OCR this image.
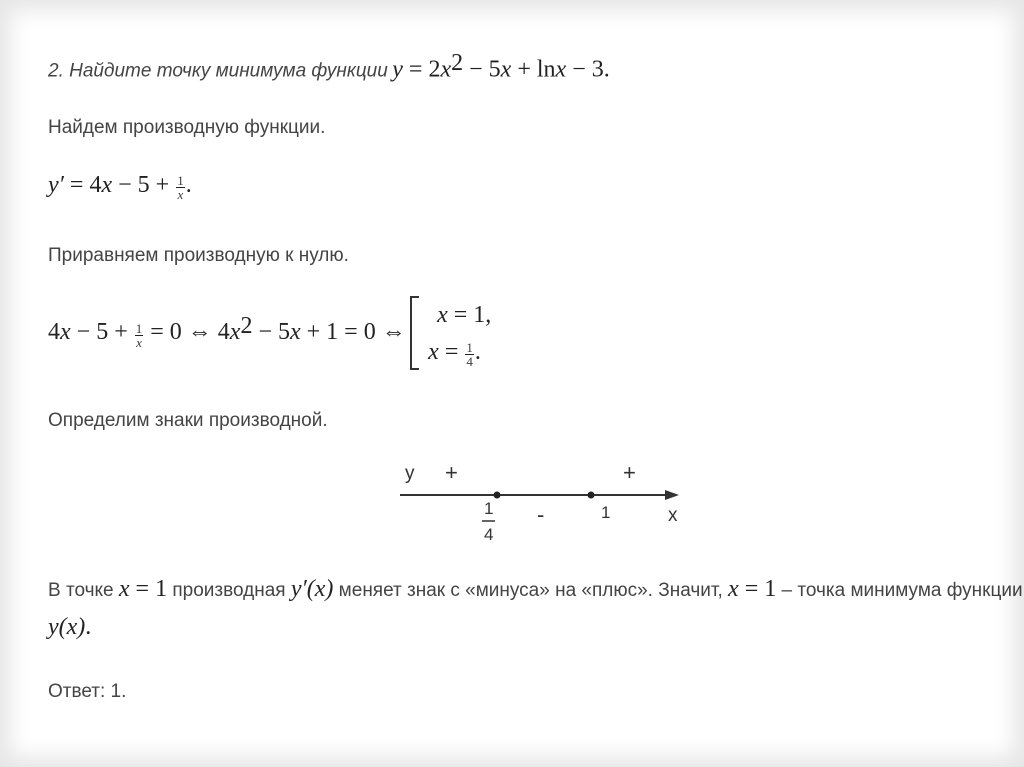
2. Найдите точку минимума функции $y = 2x^2 - 5x + \ln x - 3$.
Найдем производную функции.
$y' = 4x - 5 + \frac{1}{x}$ .
Приравняем производную к нулю.
$4x - 5 + \frac{1}{x} = 0$ ⇔ $4x^2 - 5x + 1 = 0$ ⇔
x = 1,
$x = \frac{1}{4}$ .
Определим знаки производной.
y +	+
-
1
4
1	x
В точке x = 1 производная y′(x) меняет знак с «минуса» на «плюс». Значит, x = 1 – точка минимума функции
y(x).
Ответ: 1.
